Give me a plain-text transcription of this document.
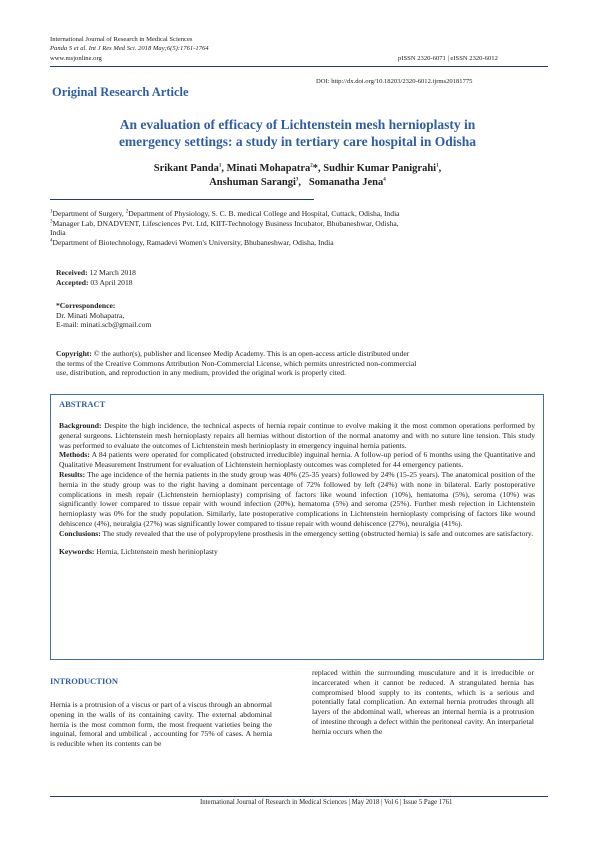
International Journal of Research in Medical Sciences
Panda S et al. Int J Res Med Sci. 2018 May;6(5):1761-1764
www.msjonline.org	pISSN 2320-6071 | eISSN 2320-6012
DOI: http://dx.doi.org/10.18203/2320-6012.ijrms20181775
Original Research Article
An evaluation of efficacy of Lichtenstein mesh hernioplasty in
emergency settings: a study in tertiary care hospital in Odisha
Srikant Panda$^1$, Minati Mohapatra$^2$*, Sudhir Kumar Panigrahi$^1$,
Anshuman Sarangi$^3$,   Somanatha Jena$^4$
$^1$Department of Surgery, $^2$Department of Physiology, S. C. B. medical College and Hospital, Cuttack, Odisha, India
$^3$Manager Lab, DNADVENT, Lifesciences Pvt. Ltd, KIIT-Technology Business Incubator, Bhubaneshwar, Odisha,
India
$^4$Department of Biotechnology, Ramadevi Women's University, Bhubaneshwar, Odisha, India
Received: 12 March 2018
Accepted: 03 April 2018
*Correspondence:
Dr. Minati Mohapatra,
E-mail: minati.scb@gmail.com
Copyright: © the author(s), publisher and licensee Medip Academy. This is an open-access article distributed under
the terms of the Creative Commons Attribution Non-Commercial License, which permits unrestricted non-commercial
use, distribution, and reproduction in any medium, provided the original work is properly cited.
ABSTRACT
Background: Despite the high incidence, the technical aspects of hernia repair continue to evolve making it the most common operations performed by general surgeons. Lichtenstein mesh hernioplasty repairs all hernias without distortion of the normal anatomy and with no suture line tension. This study was performed to evaluate the outcomes of Lichtenstein mesh herinioplasty in emergency inguinal hernia patients.
Methods: A 84 patients were operated for complicated (obstructed irreducible) inguinal hernia. A follow-up period of 6 months using the Quantitative and Qualitative Measurement Instrument for evaluation of Lichtenstein hernioplasty outcomes was completed for 44 emergency patients.
Results: The age incidence of the hernia patients in the study group was 40% (25-35 years) followed by 24% (15-25 years). The anatomical position of the hernia in the study group was to the right having a dominant percentage of 72% followed by left (24%) with none in bilateral. Early postoperative complications in mesh repair (Lichtenstein hernioplasty) comprising of factors like wound infection (10%), hematoma (5%), seroma (10%) was significantly lower compared to tissue repair with wound infection (20%), hematoma (5%) and seroma (25%). Further mesh rejection in Lichtenstein hernioplasty was 0% for the study population. Similarly, late postoperative complications in Lichtenstein hernioplasty comprising of factors like wound dehiscence (4%), neuralgia (27%) was significantly lower compared to tissue repair with wound dehiscence (27%), neuralgia (41%).
Conclusions: The study revealed that the use of polypropylene prosthesis in the emergency setting (obstructed hernia) is safe and outcomes are satisfactory.
Keywords: Hernia, Lichtenstein mesh herinioplasty
INTRODUCTION
Hernia is a protrusion of a viscus or part of a viscus through an abnormal opening in the walls of its containing cavity. The external abdominal hernia is the most common form, the most frequent varieties being the inguinal, femoral and umbilical , accounting for 75% of cases. A hernia is reducible when its contents can be
replaced within the surrounding musculature and it is irreducible or incarcerated when it cannot be reduced. A strangulated hernia has compromised blood supply to its contents, which is a serious and potentially fatal complication. An external hernia protrudes through all layers of the abdominal wall, whereas an internal hernia is a protrusion of intestine through a defect within the peritoneal cavity. An interparietal hernia occurs when the
International Journal of Research in Medical Sciences | May 2018 | Vol 6 | Issue 5 Page 1761
